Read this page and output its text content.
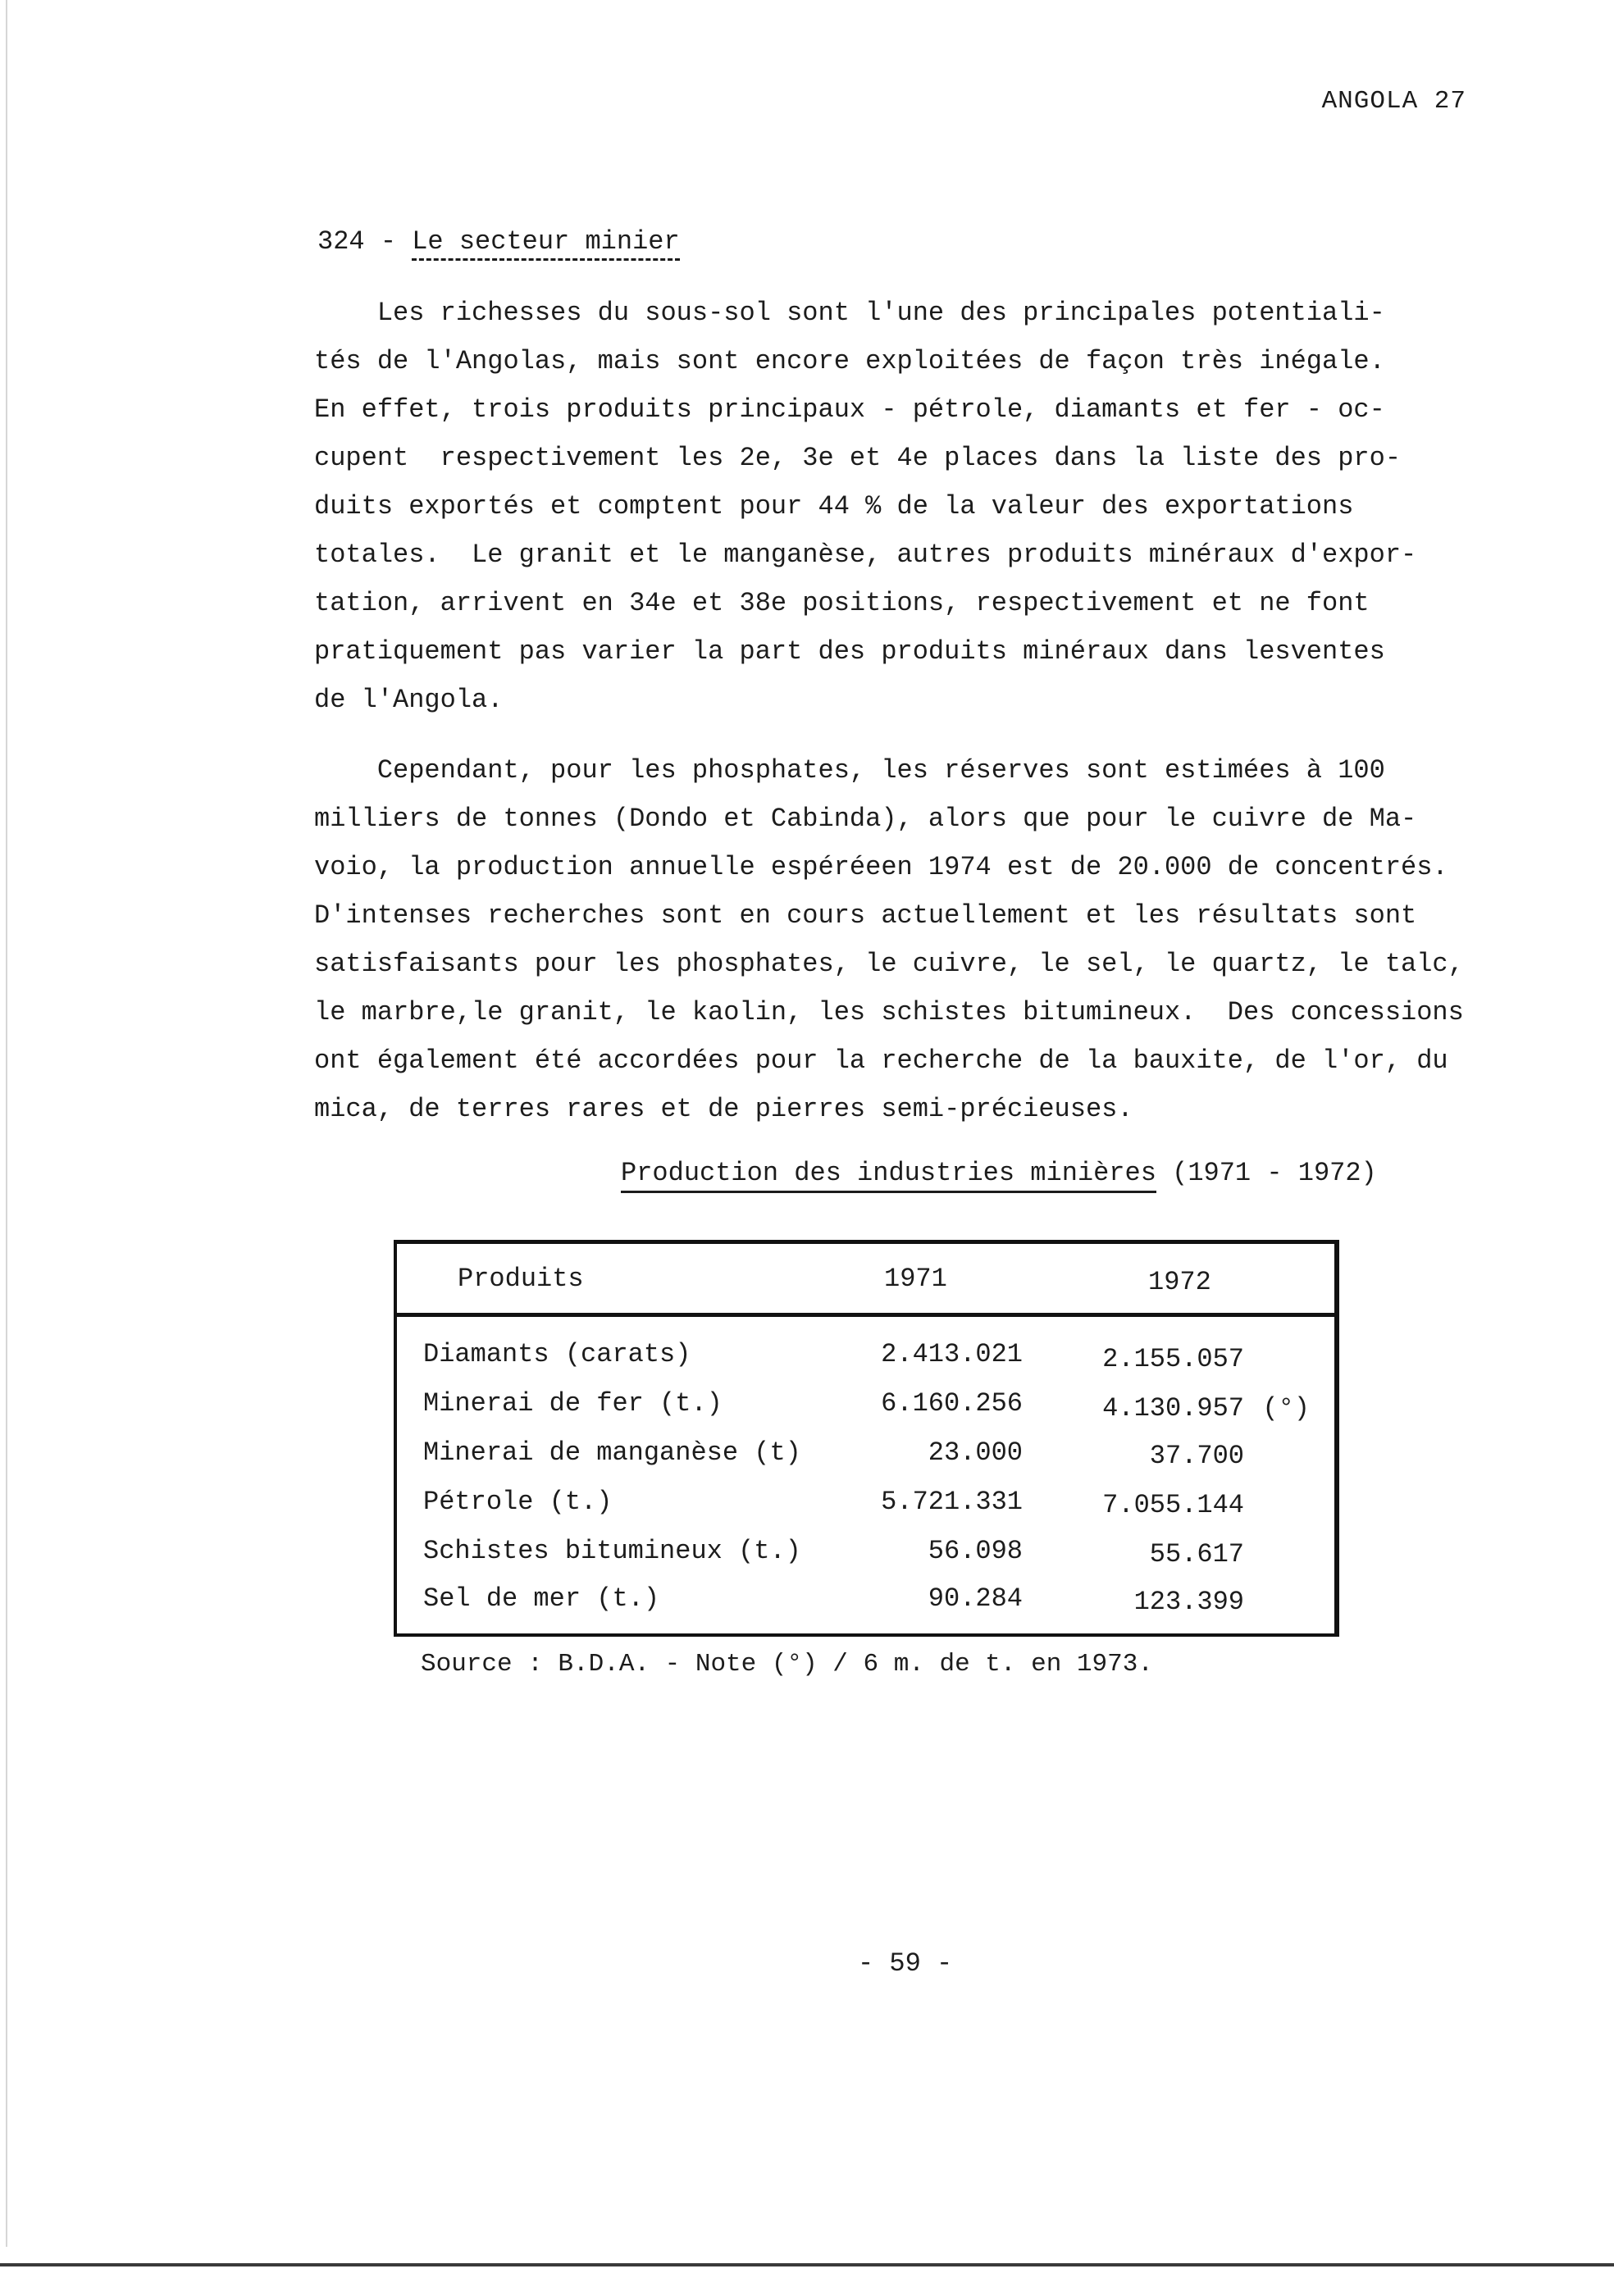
ANGOLA 27
324 - Le secteur minier
Les richesses du sous-sol sont l'une des principales potentiali-
tés de l'Angolas, mais sont encore exploitées de façon très inégale.
En effet, trois produits principaux - pétrole, diamants et fer - oc-
cupent  respectivement les 2e, 3e et 4e places dans la liste des pro-
duits exportés et comptent pour 44 % de la valeur des exportations
totales.  Le granit et le manganèse, autres produits minéraux d'expor-
tation, arrivent en 34e et 38e positions, respectivement et ne font
pratiquement pas varier la part des produits minéraux dans lesventes
de l'Angola.
Cependant, pour les phosphates, les réserves sont estimées à 100
milliers de tonnes (Dondo et Cabinda), alors que pour le cuivre de Ma-
voio, la production annuelle espéréeen 1974 est de 20.000 de concentrés.
D'intenses recherches sont en cours actuellement et les résultats sont
satisfaisants pour les phosphates, le cuivre, le sel, le quartz, le talc,
le marbre,le granit, le kaolin, les schistes bitumineux.  Des concessions
ont également été accordées pour la recherche de la bauxite, de l'or, du
mica, de terres rares et de pierres semi-précieuses.
Production des industries minières (1971 - 1972)
Produits	1971	1972
Diamants (carats)	2.413.021	2.155.057
Minerai de fer (t.)	6.160.256	4.130.957 (°)
Minerai de manganèse (t)	23.000	37.700
Pétrole (t.)	5.721.331	7.055.144
Schistes bitumineux (t.)	56.098	55.617
Sel de mer (t.)	90.284	123.399
Source : B.D.A. - Note (°) / 6 m. de t. en 1973.
- 59 -
